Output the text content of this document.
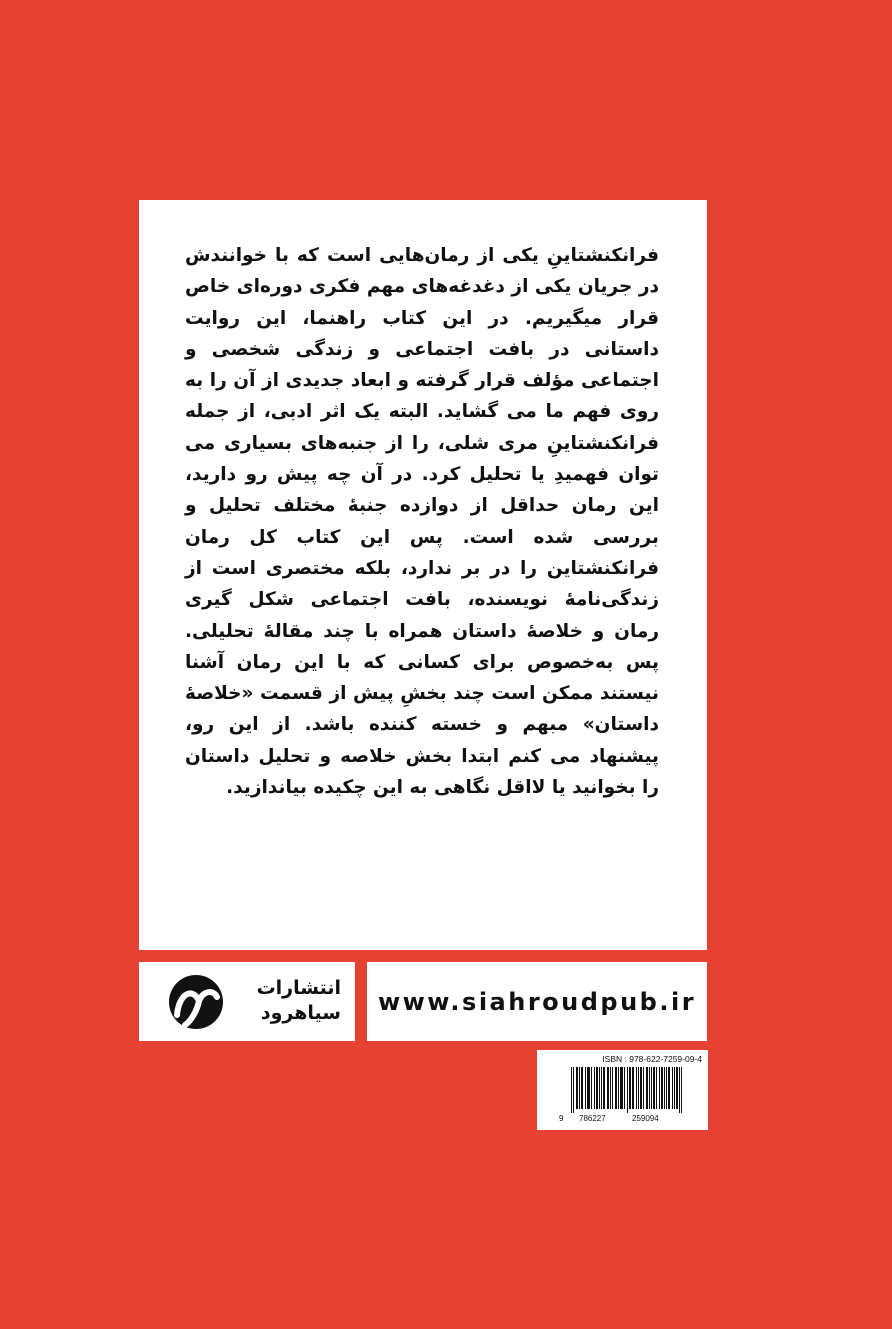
فرانکنشتاینِ یکی از رمان‌هایی است که با خوانندش در جریان یکی از دغدغه‌های مهم فکری دوره‌ای خاص قرار میگیریم. در این کتاب راهنما، این روایت داستانی در بافت اجتماعی و زندگی شخصی و اجتماعی مؤلف قرار گرفته و ابعاد جدیدی از آن را به روی فهم ما می گشاید. البته یک اثر ادبی، از جمله فرانکنشتاینِ مری شلی، را از جنبه‌های بسیاری می توان فهمیدِ یا تحلیل کرد. در آن چه پیش رو دارید، این رمان حداقل از دوازده جنبهٔ مختلف تحلیل و بررسی شده است. پس این کتاب کل رمان فرانکنشتاین را در بر ندارد، بلکه مختصری است از زندگی‌نامهٔ نویسنده، بافت اجتماعی شکل گیری رمان و خلاصهٔ داستان همراه با چند مقالهٔ تحلیلی. پس به‌خصوص برای کسانی که با این رمان آشنا نیستند ممکن است چند بخشِ پیش از قسمت «خلاصهٔ داستان» مبهم و خسته کننده باشد. از این رو، پیشنهاد می کنم ابتدا بخش خلاصه و تحلیل داستان را بخوانید یا لااقل نگاهی به این چکیده بیاندازید.

انتشارات
سیاهرود	www.siahroudpub.ir
ISBN : 978-622-7259-09-4
9 786227	259094
